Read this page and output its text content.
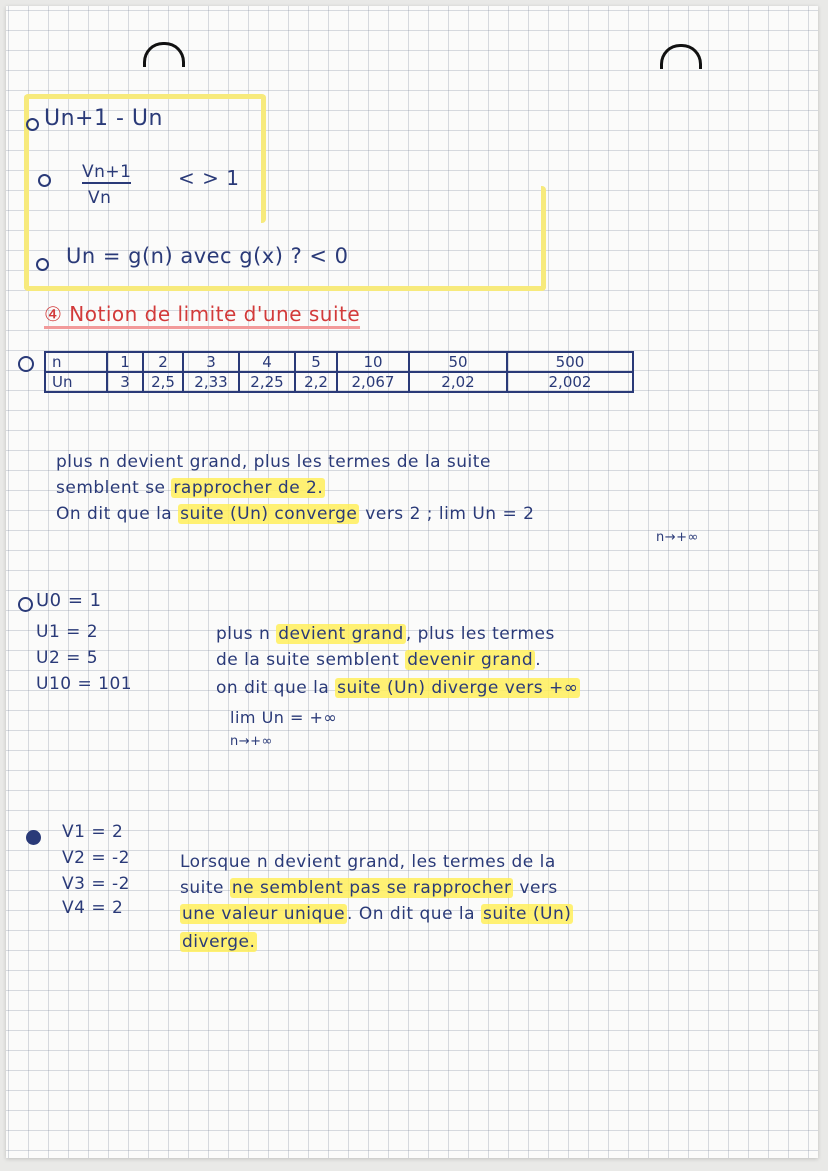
Un+1 - Un
Vn+1
Vn
< > 1
Un = g(n) avec g(x) ? < 0
④ Notion de limite d'une suite
n	1	2	3	4	5	10	50	500
Un	3	2,5	2,33	2,25	2,2	2,067	2,02	2,002
plus n devient grand, plus les termes de la suite
semblent se rapprocher de 2.
On dit que la suite (Un) converge vers 2 ; lim Un = 2
n→+∞
U0 = 1
U1 = 2
U2 = 5
U10 = 101
plus n devient grand , plus les termes
de la suite semblent devenir grand .
on dit que la suite (Un) diverge vers +∞
lim Un = +∞
n→+∞
V1 = 2
V2 = -2
V3 = -2
V4 = 2
Lorsque n devient grand, les termes de la
suite ne semblent pas se rapprocher vers
une valeur unique . On dit que la suite (Un)
diverge.
